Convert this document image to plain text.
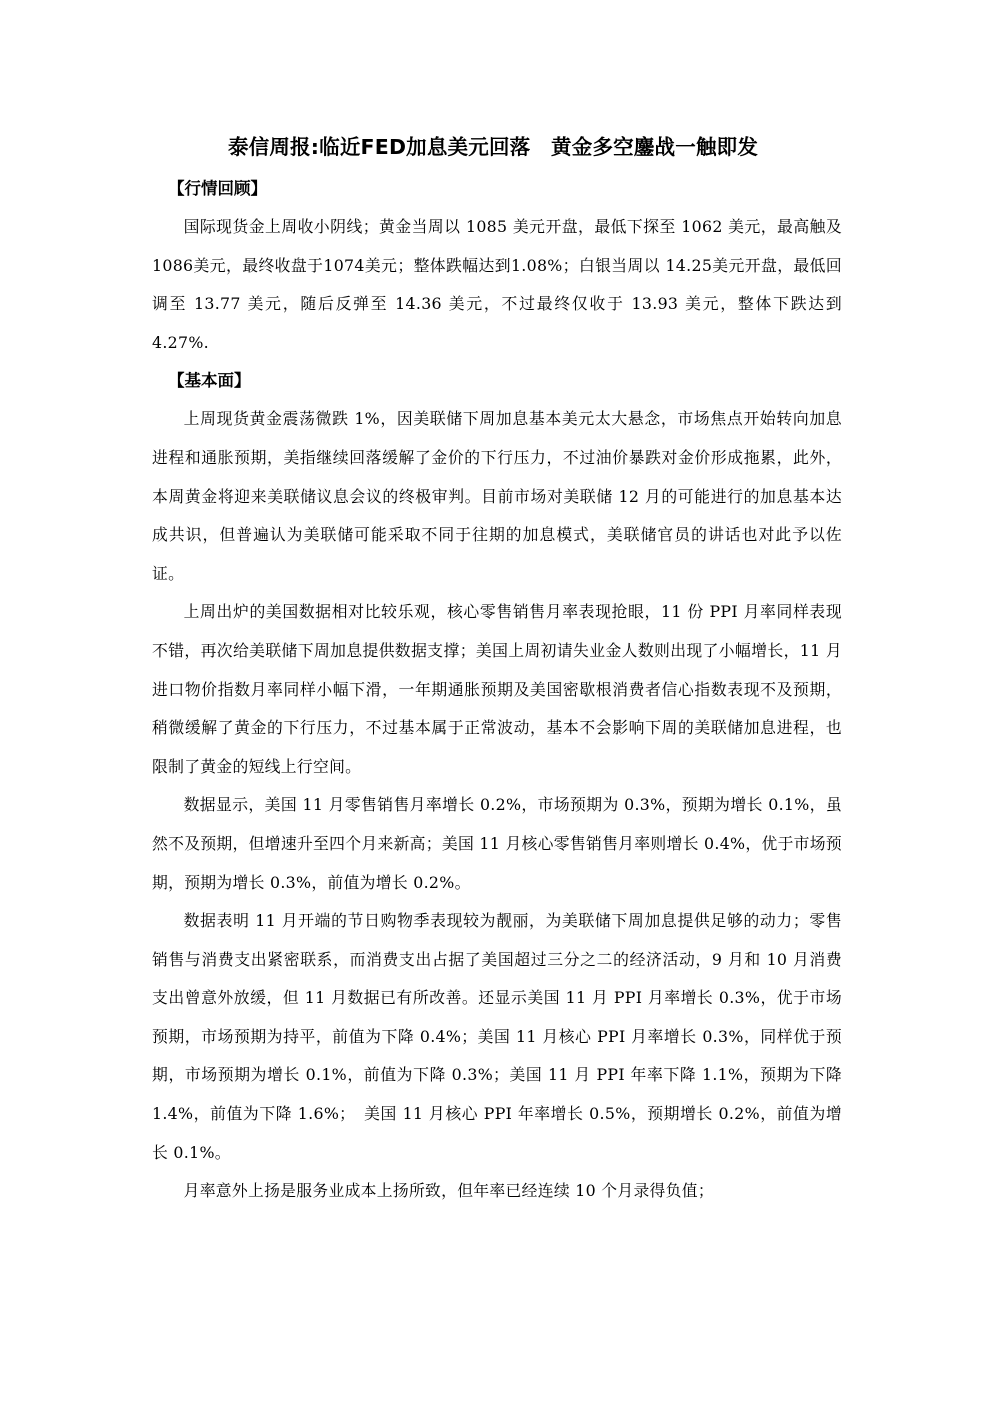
泰信周报:临近FED加息美元回落　黄金多空鏖战一触即发
【行情回顾】

国际现货金上周收小阴线；黄金当周以 1085 美元开盘，最低下探至 1062 美元，最高触及1086美元，最终收盘于1074美元；整体跌幅达到1.08%；白银当周以 14.25美元开盘，最低回调至 13.77 美元，随后反弹至 14.36 美元，不过最终仅收于 13.93 美元，整体下跌达到 4.27%.

【基本面】

上周现货黄金震荡微跌 1%，因美联储下周加息基本美元太大悬念，市场焦点开始转向加息进程和通胀预期，美指继续回落缓解了金价的下行压力，不过油价暴跌对金价形成拖累，此外，本周黄金将迎来美联储议息会议的终极审判。目前市场对美联储 12 月的可能进行的加息基本达成共识，但普遍认为美联储可能采取不同于往期的加息模式，美联储官员的讲话也对此予以佐证。

上周出炉的美国数据相对比较乐观，核心零售销售月率表现抢眼，11 份 PPI 月率同样表现不错，再次给美联储下周加息提供数据支撑；美国上周初请失业金人数则出现了小幅增长，11 月进口物价指数月率同样小幅下滑，一年期通胀预期及美国密歇根消费者信心指数表现不及预期，稍微缓解了黄金的下行压力，不过基本属于正常波动，基本不会影响下周的美联储加息进程，也限制了黄金的短线上行空间。

数据显示，美国 11 月零售销售月率增长 0.2%，市场预期为 0.3%，预期为增长 0.1%，虽然不及预期，但增速升至四个月来新高；美国 11 月核心零售销售月率则增长 0.4%，优于市场预期，预期为增长 0.3%，前值为增长 0.2%。

数据表明 11 月开端的节日购物季表现较为靓丽，为美联储下周加息提供足够的动力；零售销售与消费支出紧密联系，而消费支出占据了美国超过三分之二的经济活动，9 月和 10 月消费支出曾意外放缓，但 11 月数据已有所改善。还显示美国 11 月 PPI 月率增长 0.3%，优于市场预期，市场预期为持平，前值为下降 0.4%；美国 11 月核心 PPI 月率增长 0.3%，同样优于预期，市场预期为增长 0.1%，前值为下降 0.3%；美国 11 月 PPI 年率下降 1.1%，预期为下降 1.4%，前值为下降 1.6%；　美国 11 月核心 PPI 年率增长 0.5%，预期增长 0.2%，前值为增长 0.1%。

月率意外上扬是服务业成本上扬所致，但年率已经连续 10 个月录得负值；
